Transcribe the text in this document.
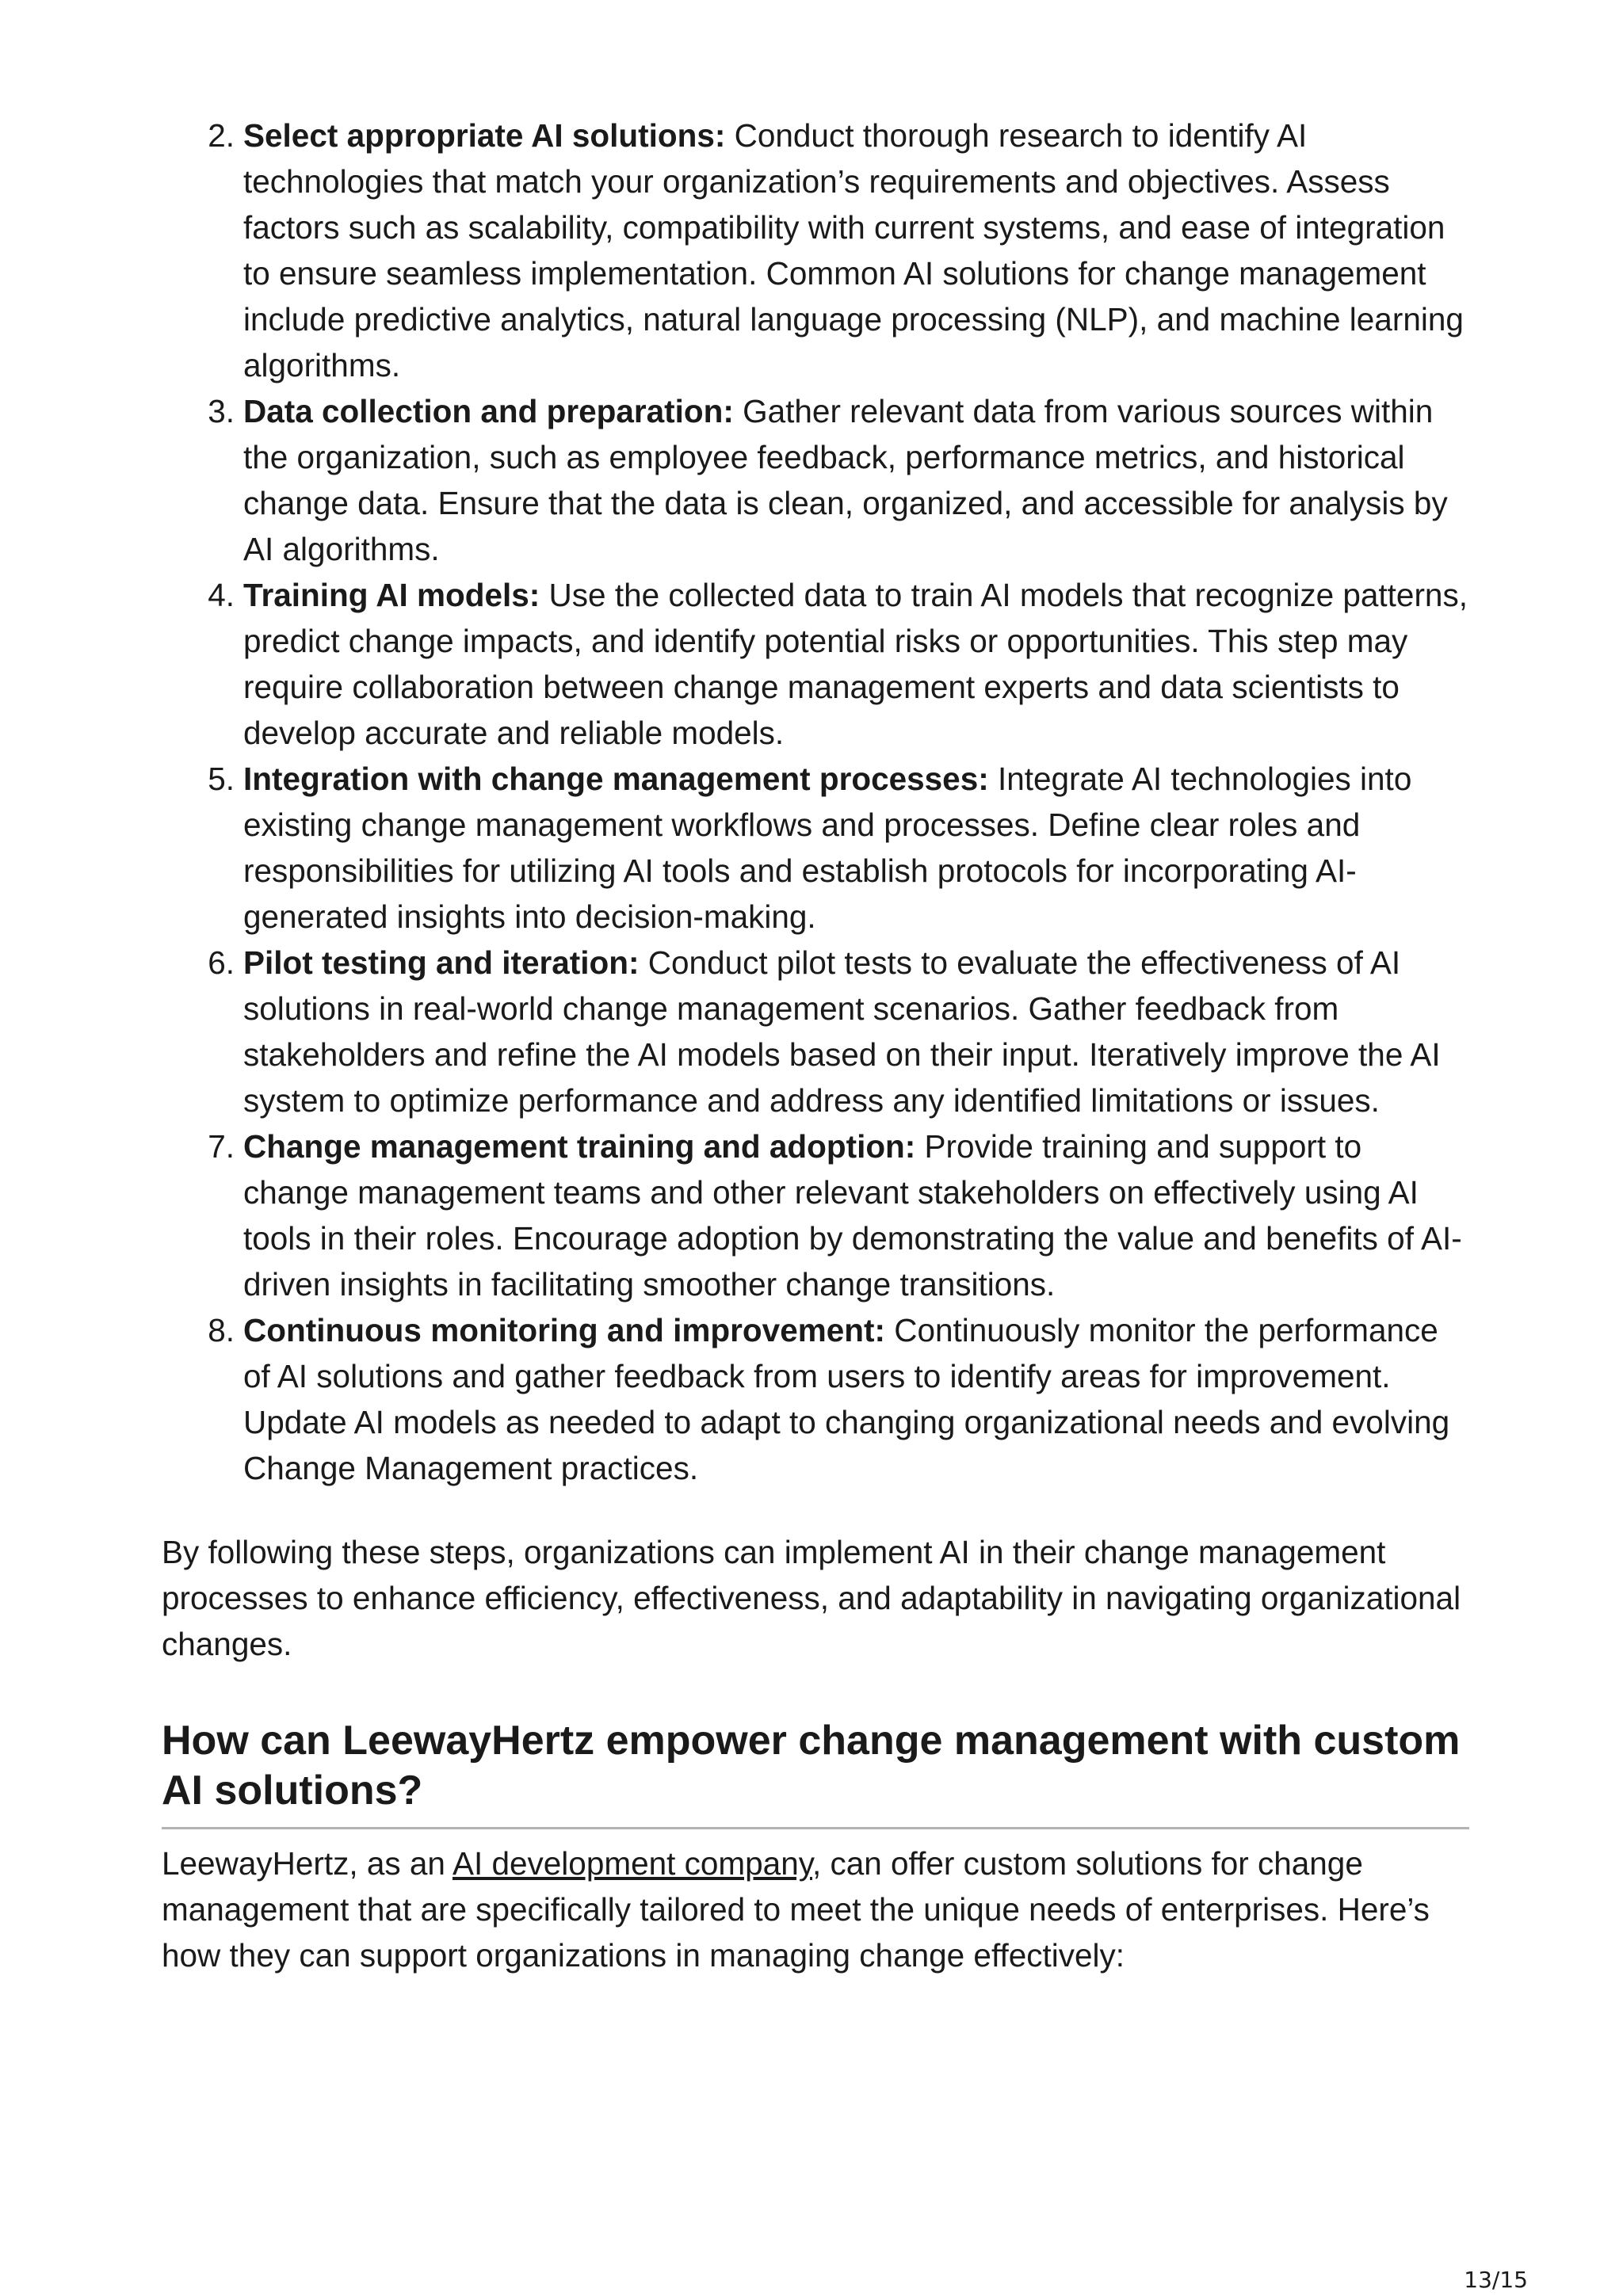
2. Select appropriate AI solutions: Conduct thorough research to identify AI technologies that match your organization’s requirements and objectives. Assess factors such as scalability, compatibility with current systems, and ease of integration to ensure seamless implementation. Common AI solutions for change management include predictive analytics, natural language processing (NLP), and machine learning algorithms.
3. Data collection and preparation: Gather relevant data from various sources within the organization, such as employee feedback, performance metrics, and historical change data. Ensure that the data is clean, organized, and accessible for analysis by AI algorithms.
4. Training AI models: Use the collected data to train AI models that recognize patterns, predict change impacts, and identify potential risks or opportunities. This step may require collaboration between change management experts and data scientists to develop accurate and reliable models.
5. Integration with change management processes: Integrate AI technologies into existing change management workflows and processes. Define clear roles and responsibilities for utilizing AI tools and establish protocols for incorporating AI-generated insights into decision-making.
6. Pilot testing and iteration: Conduct pilot tests to evaluate the effectiveness of AI solutions in real-world change management scenarios. Gather feedback from stakeholders and refine the AI models based on their input. Iteratively improve the AI system to optimize performance and address any identified limitations or issues.
7. Change management training and adoption: Provide training and support to change management teams and other relevant stakeholders on effectively using AI tools in their roles. Encourage adoption by demonstrating the value and benefits of AI-driven insights in facilitating smoother change transitions.
8. Continuous monitoring and improvement: Continuously monitor the performance of AI solutions and gather feedback from users to identify areas for improvement. Update AI models as needed to adapt to changing organizational needs and evolving Change Management practices.

By following these steps, organizations can implement AI in their change management processes to enhance efficiency, effectiveness, and adaptability in navigating organizational changes.

How can LeewayHertz empower change management with custom AI solutions?

LeewayHertz, as an AI development company, can offer custom solutions for change management that are specifically tailored to meet the unique needs of enterprises. Here’s how they can support organizations in managing change effectively:

13/15
